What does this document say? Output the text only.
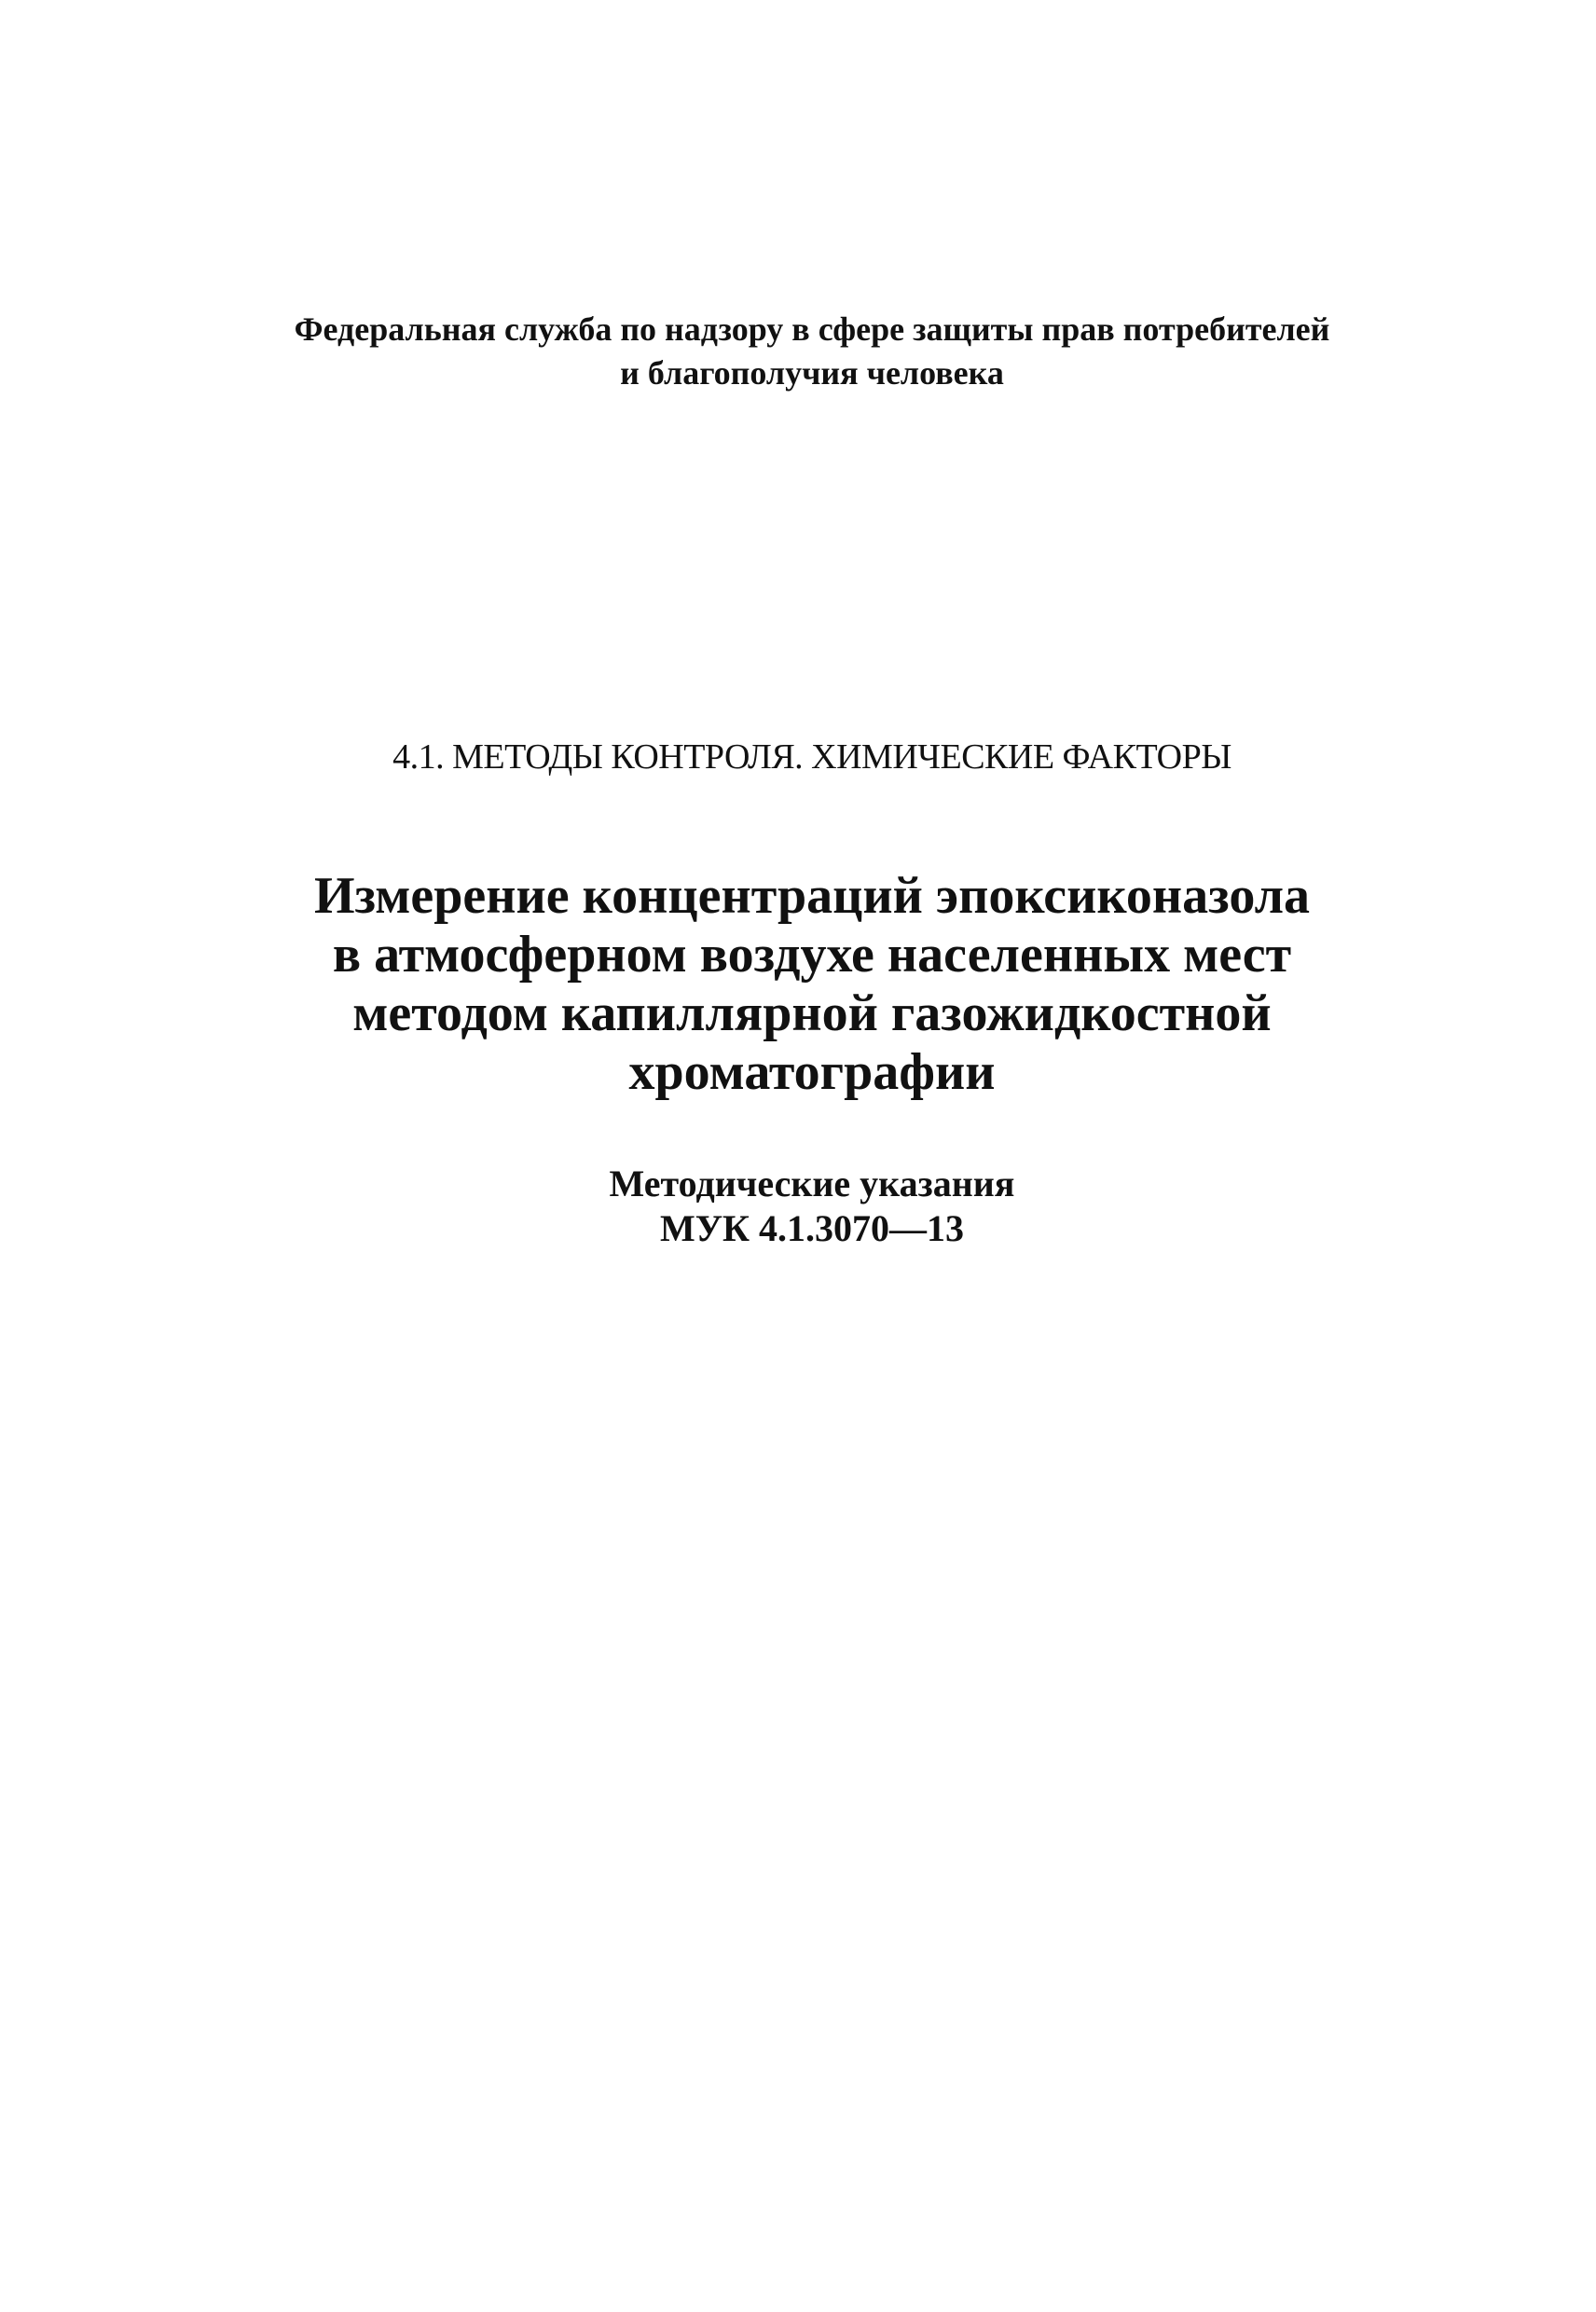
Федеральная служба по надзору в сфере защиты прав потребителей
и благополучия человека
4.1. МЕТОДЫ КОНТРОЛЯ. ХИМИЧЕСКИЕ ФАКТОРЫ
Измерение концентраций эпоксиконазола
в атмосферном воздухе населенных мест
методом капиллярной газожидкостной
хроматографии
Методические указания
МУК 4.1.3070—13
